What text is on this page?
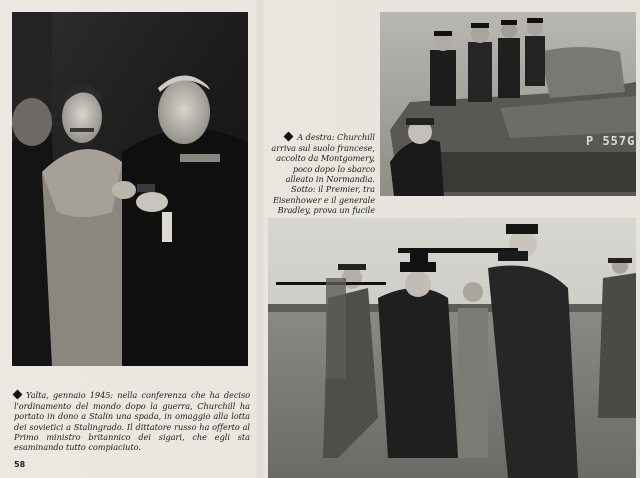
P 557G

A destra: Churchill arriva sul suolo francese, accolto da Montgomery, poco dopo lo sbarco alleato in Normandia. Sotto: il Premier, tra Eisenhower e il generale Bradley, prova un fucile

Yalta, gennaio 1945: nella conferenza che ha deciso l'ordinamento del mondo dopo la guerra, Churchill ha portato in dono a Stalin una spada, in omaggio alla lotta dei sovietici a Stalingrado. Il dittatore russo ha offerto al Primo ministro britannico dei sigari, che egli sta esaminando tutto compiaciuto.

58
